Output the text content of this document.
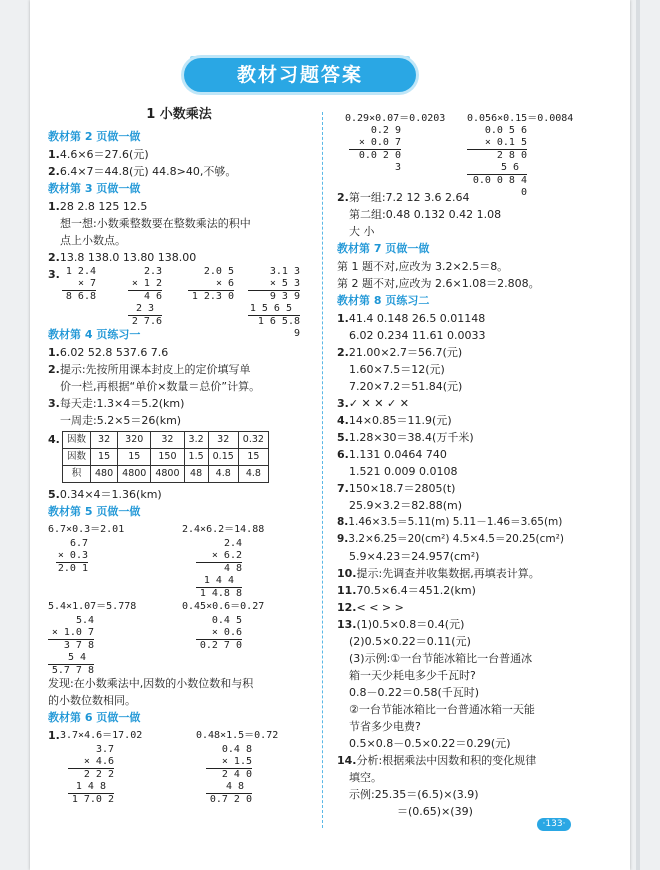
教材习题答案
1 小数乘法
教材第 2 页做一做
1.4.6×6＝27.6(元)
2.6.4×7＝44.8(元) 44.8>40,不够。
教材第 3 页做一做
1.28 2.8 125 12.5
想一想:小数乘整数要在整数乘法的积中
点上小数点。
2.13.8 138.0 13.80 138.00
3. 1 2.4
× 7
8 6.8
2.3
× 1 2
4 6
2 3
2 7.6
2.0 5
× 6
1 2.3 0
3.1 3
× 5 3
9 3 9
1 5 6 5
1 6 5.8 9
教材第 4 页练习一
1.6.02 52.8 537.6 7.6
2.提示:先按所用课本封皮上的定价填写单
价一栏,再根据“单价×数量＝总价”计算。
3.每天走:1.3×4＝5.2(km)
一周走:5.2×5＝26(km)
4. 因数	32	320	32	3.2	32	0.32
因数	15	15	150	1.5	0.15	15
积	480	4800	4800	48	4.8	4.8
5.0.34×4＝1.36(km)
教材第 5 页做一做
6.7×0.3＝2.01	2.4×6.2＝14.88
6.7
× 0.3
2.0 1
2.4
× 6.2
4 8
1 4 4
1 4.8 8
5.4×1.07＝5.778	0.45×0.6＝0.27
5.4
× 1.0 7
3 7 8
5 4
5.7 7 8
0.4 5
× 0.6
0.2 7 0
发现:在小数乘法中,因数的小数位数和与积
的小数位数相同。
教材第 6 页做一做
1. 3.7×4.6＝17.02	0.48×1.5＝0.72
3.7
× 4.6
2 2 2
1 4 8
1 7.0 2
0.4 8
× 1.5
2 4 0
4 8
0.7 2 0
0.29×0.07＝0.0203 0.056×0.15＝0.0084
0.2 9
× 0.0 7
0.0 2 0 3
0.0 5 6
× 0.1 5
2 8 0
5 6
0.0 0 8 4 0
2.第一组:7.2 12 3.6 2.64
第二组:0.48 0.132 0.42 1.08
大 小
教材第 7 页做一做
第 1 题不对,应改为 3.2×2.5＝8。
第 2 题不对,应改为 2.6×1.08＝2.808。
教材第 8 页练习二
1.41.4 0.148 26.5 0.01148
6.02 0.234 11.61 0.0033
2.21.00×2.7＝56.7(元)
1.60×7.5＝12(元)
7.20×7.2＝51.84(元)
3.✓ ✕ ✕ ✓ ✕
4.14×0.85＝11.9(元)
5.1.28×30＝38.4(万千米)
6.1.131 0.0464 740
1.521 0.009 0.0108
7.150×18.7＝2805(t)
25.9×3.2＝82.88(m)
8.1.46×3.5＝5.11(m) 5.11－1.46＝3.65(m)
9.3.2×6.25＝20(cm²) 4.5×4.5＝20.25(cm²)
5.9×4.23＝24.957(cm²)
10.提示:先调查并收集数据,再填表计算。
11.70.5×6.4＝451.2(km)
12.< < > >
13.(1)0.5×0.8＝0.4(元)
(2)0.5×0.22＝0.11(元)
(3)示例:①一台节能冰箱比一台普通冰
箱一天少耗电多少千瓦时?
0.8－0.22＝0.58(千瓦时)
②一台节能冰箱比一台普通冰箱一天能
节省多少电费?
0.5×0.8－0.5×0.22＝0.29(元)
14.分析:根据乘法中因数和积的变化规律
填空。
示例:25.35＝(6.5)×(3.9)
＝(0.65)×(39)
·133·
